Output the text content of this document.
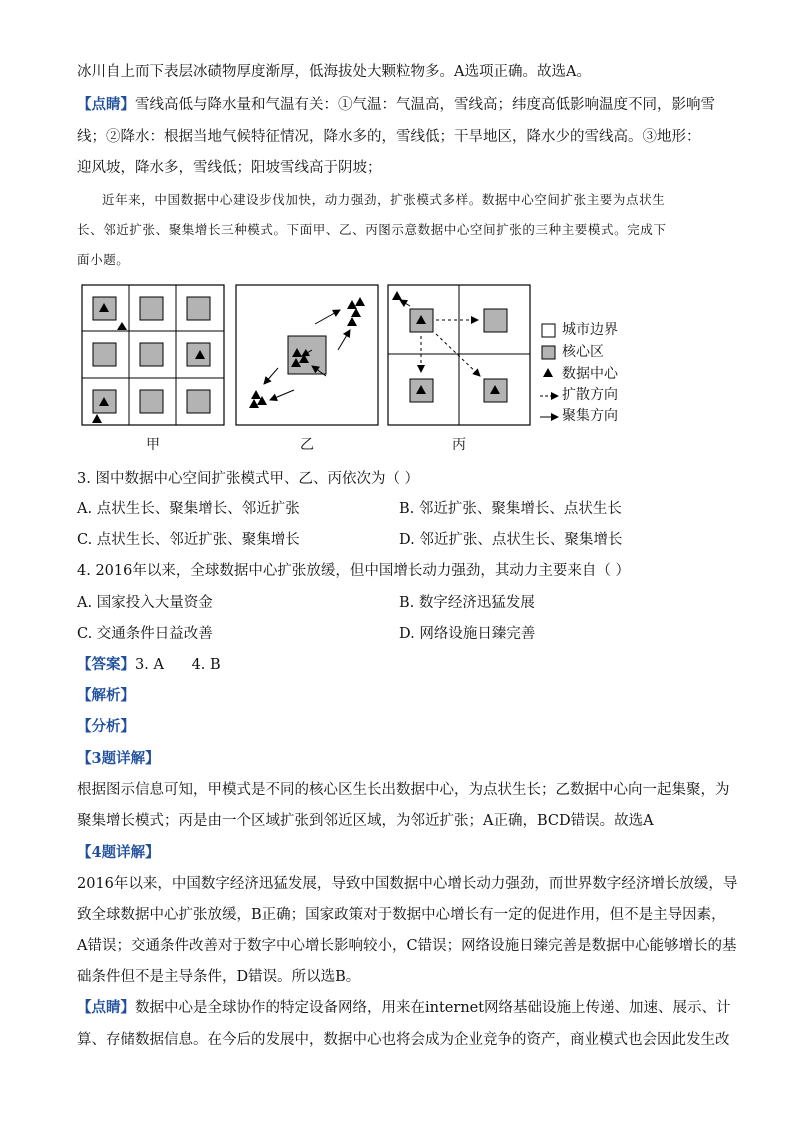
冰川自上而下表层冰碛物厚度渐厚，低海拔处大颗粒物多。A选项正确。故选A。
【点睛】雪线高低与降水量和气温有关：①气温：气温高，雪线高；纬度高低影响温度不同，影响雪
线；②降水：根据当地气候特征情况，降水多的，雪线低；干旱地区，降水少的雪线高。③地形：
迎风坡，降水多，雪线低；阳坡雪线高于阴坡；
近年来，中国数据中心建设步伐加快，动力强劲，扩张模式多样。数据中心空间扩张主要为点状生
长、邻近扩张、聚集增长三种模式。下面甲、乙、丙图示意数据中心空间扩张的三种主要模式。完成下
面小题。
城市边界
核心区
数据中心
扩散方向
聚集方向
甲	乙	丙
3. 图中数据中心空间扩张模式甲、乙、丙依次为（ ）
A. 点状生长、聚集增长、邻近扩张	B. 邻近扩张、聚集增长、点状生长
C. 点状生长、邻近扩张、聚集增长	D. 邻近扩张、点状生长、聚集增长
4. 2016年以来，全球数据中心扩张放缓，但中国增长动力强劲，其动力主要来自（ ）
A. 国家投入大量资金	B. 数字经济迅猛发展
C. 交通条件日益改善	D. 网络设施日臻完善
【答案】3. A      4. B
【解析】
【分析】
【3题详解】
根据图示信息可知，甲模式是不同的核心区生长出数据中心，为点状生长；乙数据中心向一起集聚，为
聚集增长模式；丙是由一个区域扩张到邻近区域，为邻近扩张；A正确，BCD错误。故选A
【4题详解】
2016年以来，中国数字经济迅猛发展，导致中国数据中心增长动力强劲，而世界数字经济增长放缓，导
致全球数据中心扩张放缓，B正确；国家政策对于数据中心增长有一定的促进作用，但不是主导因素，
A错误；交通条件改善对于数字中心增长影响较小，C错误；网络设施日臻完善是数据中心能够增长的基
础条件但不是主导条件，D错误。所以选B。
【点睛】数据中心是全球协作的特定设备网络，用来在internet网络基础设施上传递、加速、展示、计
算、存储数据信息。在今后的发展中，数据中心也将会成为企业竞争的资产，商业模式也会因此发生改
